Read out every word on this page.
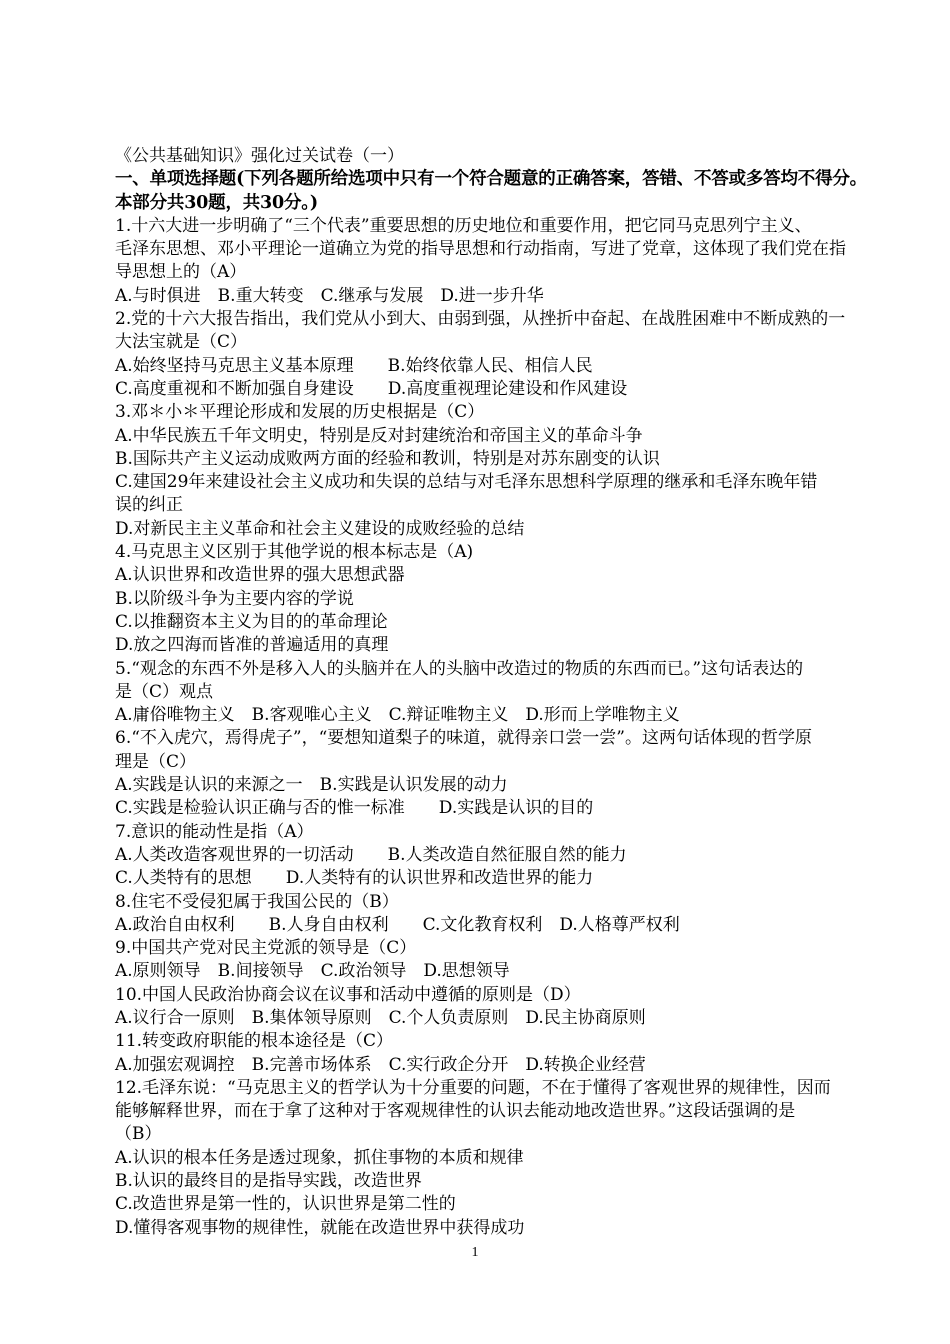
《公共基础知识》强化过关试卷（一）
一、单项选择题(下列各题所给选项中只有一个符合题意的正确答案，答错、不答或多答均不得分。
本部分共30题，共30分。)
1.十六大进一步明确了“三个代表”重要思想的历史地位和重要作用，把它同马克思列宁主义、
毛泽东思想、邓小平理论一道确立为党的指导思想和行动指南，写进了党章，这体现了我们党在指
导思想上的（A）
A.与时俱进　B.重大转变　C.继承与发展　D.进一步升华
2.党的十六大报告指出，我们党从小到大、由弱到强，从挫折中奋起、在战胜困难中不断成熟的一
大法宝就是（C）
A.始终坚持马克思主义基本原理　　B.始终依靠人民、相信人民
C.高度重视和不断加强自身建设　　D.高度重视理论建设和作风建设
3.邓＊小＊平理论形成和发展的历史根据是（C）
A.中华民族五千年文明史，特别是反对封建统治和帝国主义的革命斗争
B.国际共产主义运动成败两方面的经验和教训，特别是对苏东剧变的认识
C.建国29年来建设社会主义成功和失误的总结与对毛泽东思想科学原理的继承和毛泽东晚年错
误的纠正
D.对新民主主义革命和社会主义建设的成败经验的总结
4.马克思主义区别于其他学说的根本标志是（A)
A.认识世界和改造世界的强大思想武器
B.以阶级斗争为主要内容的学说
C.以推翻资本主义为目的的革命理论
D.放之四海而皆准的普遍适用的真理
5.“观念的东西不外是移入人的头脑并在人的头脑中改造过的物质的东西而已。”这句话表达的
是（C）观点
A.庸俗唯物主义　B.客观唯心主义　C.辩证唯物主义　D.形而上学唯物主义
6.“不入虎穴，焉得虎子”，“要想知道梨子的味道，就得亲口尝一尝”。这两句话体现的哲学原
理是（C）
A.实践是认识的来源之一　B.实践是认识发展的动力
C.实践是检验认识正确与否的惟一标准　　D.实践是认识的目的
7.意识的能动性是指（A）
A.人类改造客观世界的一切活动　　B.人类改造自然征服自然的能力
C.人类特有的思想　　D.人类特有的认识世界和改造世界的能力
8.住宅不受侵犯属于我国公民的（B）
A.政治自由权利　　B.人身自由权利　　C.文化教育权利　D.人格尊严权利
9.中国共产党对民主党派的领导是（C）
A.原则领导　B.间接领导　C.政治领导　D.思想领导
10.中国人民政治协商会议在议事和活动中遵循的原则是（D）
A.议行合一原则　B.集体领导原则　C.个人负责原则　D.民主协商原则
11.转变政府职能的根本途径是（C）
A.加强宏观调控　B.完善市场体系　C.实行政企分开　D.转换企业经营
12.毛泽东说：“马克思主义的哲学认为十分重要的问题，不在于懂得了客观世界的规律性，因而
能够解释世界，而在于拿了这种对于客观规律性的认识去能动地改造世界。”这段话强调的是
（B）
A.认识的根本任务是透过现象，抓住事物的本质和规律
B.认识的最终目的是指导实践，改造世界
C.改造世界是第一性的，认识世界是第二性的
D.懂得客观事物的规律性，就能在改造世界中获得成功
1
